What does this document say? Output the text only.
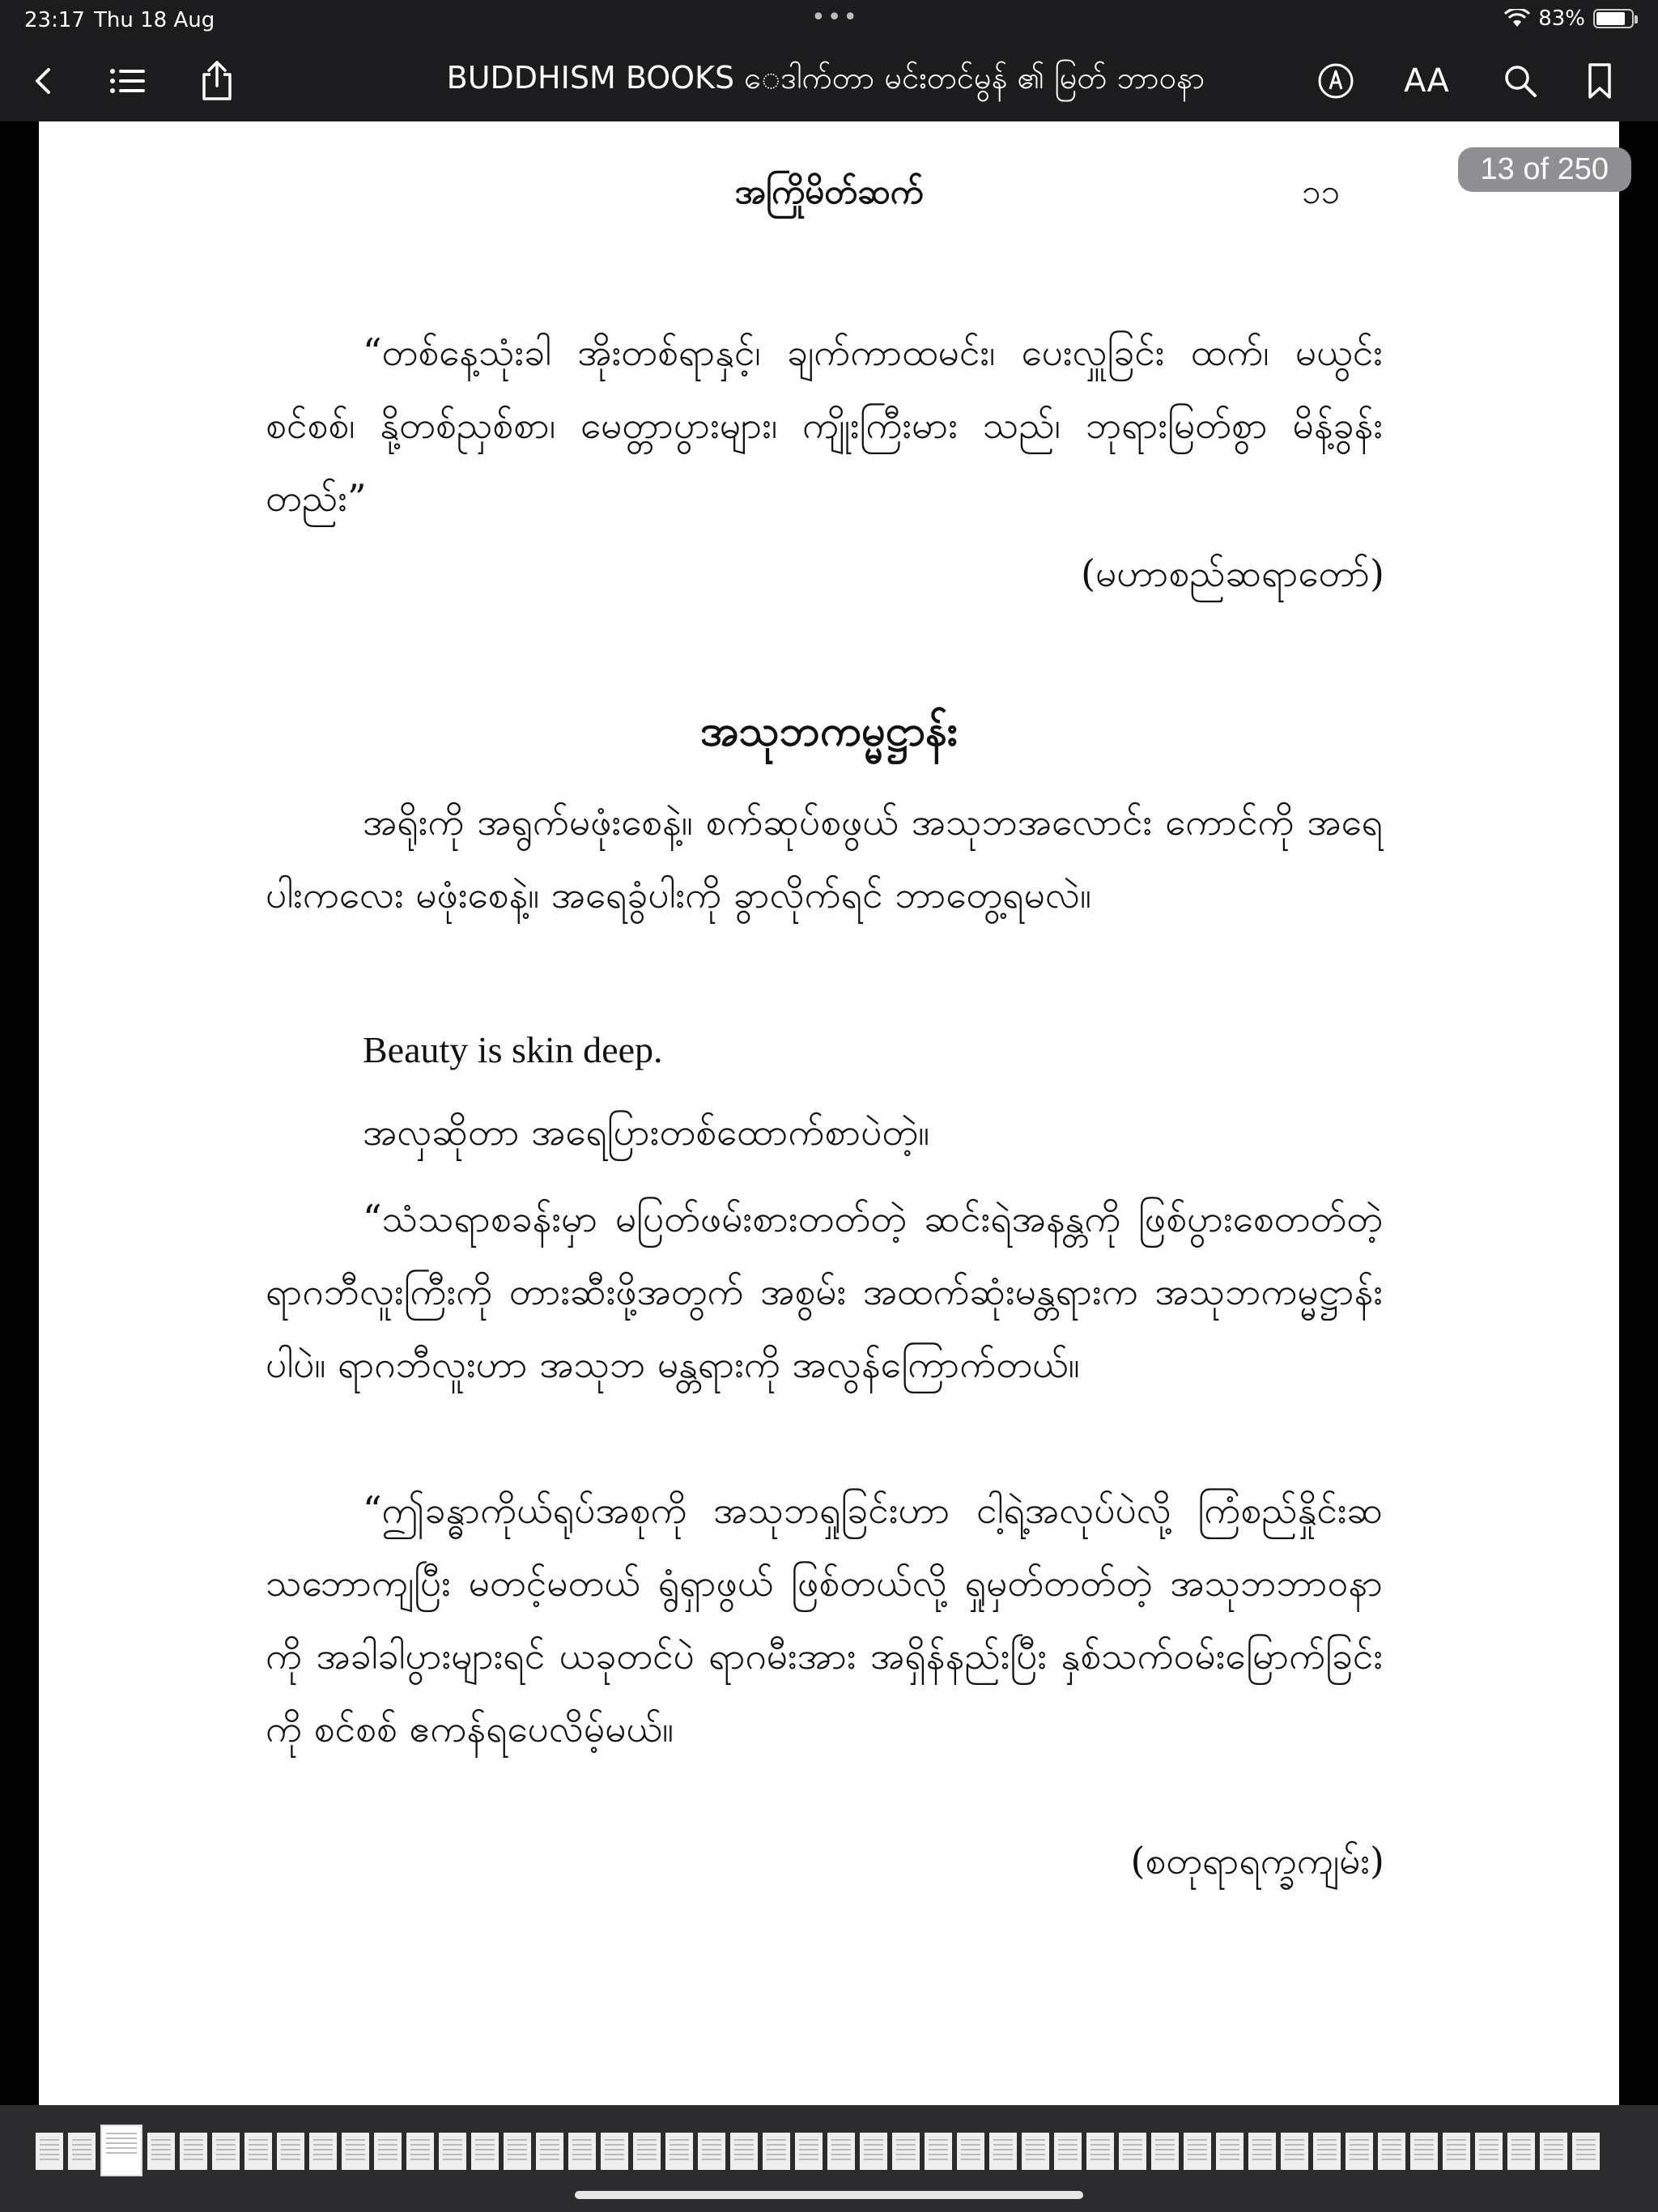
23:17 Thu 18 Aug	•••	83%
BUDDHISM BOOKS ေဒါက်တာ မင်းတင်မွန် ၏ မြတ် ဘာဝနာ	AA
အကြိုမိတ်ဆက်	၁၁
“တစ်နေ့သုံးခါ အိုးတစ်ရာနှင့်၊ ချက်ကာထမင်း၊ ပေးလှူခြင်း ထက်၊ မယွင်းစင်စစ်၊ နို့တစ်ညှစ်စာ၊ မေတ္တာပွားများ၊ ကျိုးကြီးမား သည်၊ ဘုရားမြတ်စွာ မိန့်ခွန်းတည်း”
(မဟာစည်ဆရာတော်)
အသုဘကမ္မဋ္ဌာန်း
အရိုးကို အရွက်မဖုံးစေနဲ့။ စက်ဆုပ်စဖွယ် အသုဘအလောင်း ကောင်ကို အရေပါးကလေး မဖုံးစေနဲ့။ အရေခွံပါးကို ခွာလိုက်ရင် ဘာတွေ့ရမလဲ။
Beauty is skin deep.
အလှဆိုတာ အရေပြားတစ်ထောက်စာပဲတဲ့။
“သံသရာစခန်းမှာ မပြတ်ဖမ်းစားတတ်တဲ့ ဆင်းရဲအနန္တကို ဖြစ်ပွားစေတတ်တဲ့ ရာဂဘီလူးကြီးကို တားဆီးဖို့အတွက် အစွမ်း အထက်ဆုံးမန္တရားက အသုဘကမ္မဋ္ဌာန်းပါပဲ။ ရာဂဘီလူးဟာ အသုဘ မန္တရားကို အလွန်ကြောက်တယ်။
“ဤခန္ဓာကိုယ်ရုပ်အစုကို အသုဘရှုခြင်းဟာ ငါ့ရဲ့အလုပ်ပဲလို့ ကြံစည်နှိုင်းဆ သဘောကျပြီး မတင့်မတယ် ရွံရှာဖွယ် ဖြစ်တယ်လို့ ရှုမှတ်တတ်တဲ့ အသုဘဘာဝနာကို အခါခါပွားများရင် ယခုတင်ပဲ ရာဂမီးအား အရှိန်နည်းပြီး နှစ်သက်ဝမ်းမြောက်ခြင်းကို စင်စစ် ဧကန်ရပေလိမ့်မယ်။
(စတုရာရက္ခကျမ်း)
13 of 250
